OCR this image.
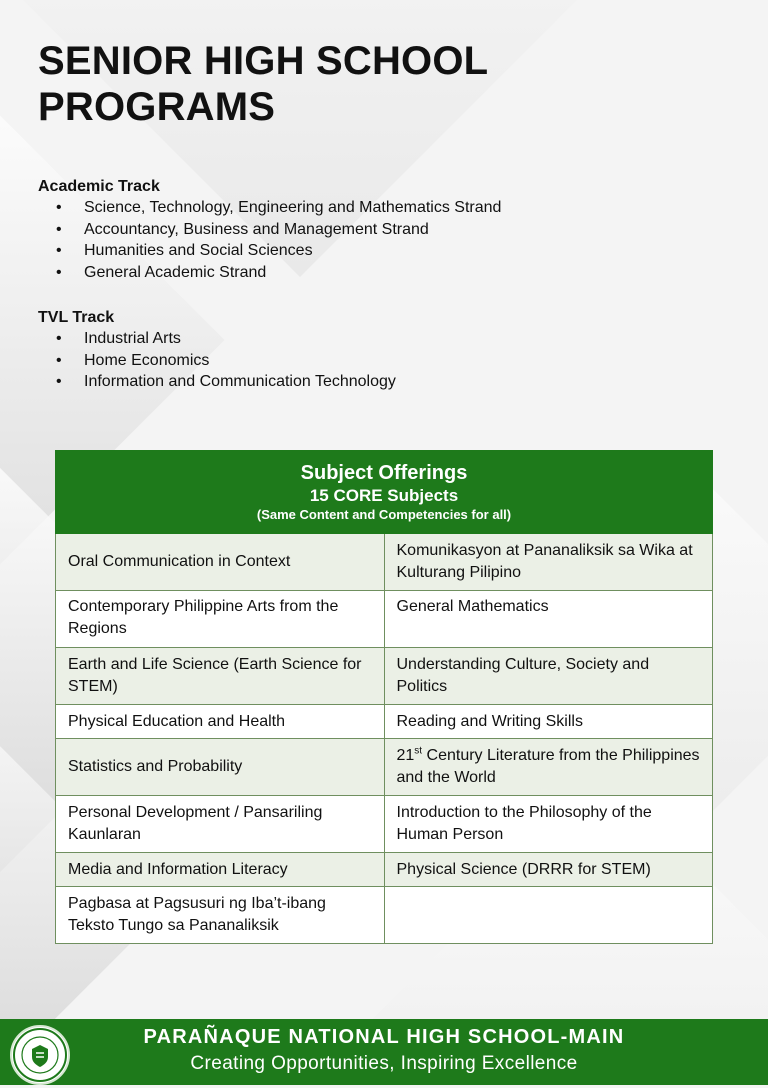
SENIOR HIGH SCHOOL
PROGRAMS
Academic Track
• Science, Technology, Engineering and Mathematics Strand
• Accountancy, Business and Management Strand
• Humanities and Social Sciences
• General Academic Strand
TVL Track
• Industrial Arts
• Home Economics
• Information and Communication Technology
Subject Offerings
15 CORE Subjects
(Same Content and Competencies for all)	

Oral Communication in Context	Komunikasyon at Pananaliksik sa Wika at Kulturang Pilipino
Contemporary Philippine Arts from the Regions	General Mathematics
Earth and Life Science (Earth Science for STEM)	Understanding Culture, Society and Politics
Physical Education and Health	Reading and Writing Skills
Statistics and Probability	21st Century Literature from the Philippines and the World
Personal Development / Pansariling Kaunlaran	Introduction to the Philosophy of the Human Person
Media and Information Literacy	Physical Science (DRRR for STEM)
Pagbasa at Pagsusuri ng Iba’t-ibang Teksto Tungo sa Pananaliksik	
PARAÑAQUE NATIONAL HIGH SCHOOL-MAIN
Creating Opportunities, Inspiring Excellence
